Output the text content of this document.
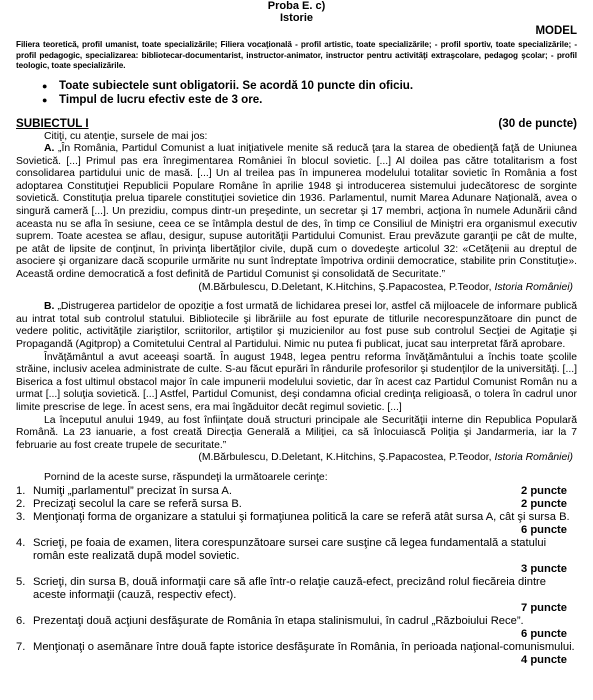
Proba E. c)
Istorie
MODEL
Filiera teoretică, profil umanist, toate specializările; Filiera vocaţională - profil artistic, toate specializările; - profil sportiv, toate specializările; - profil pedagogic, specializarea: bibliotecar-documentarist, instructor-animator, instructor pentru activităţi extraşcolare, pedagog şcolar; - profil teologic, toate specializările.
● Toate subiectele sunt obligatorii. Se acordă 10 puncte din oficiu.
● Timpul de lucru efectiv este de 3 ore.
SUBIECTUL I	(30 de puncte)
Citiţi, cu atenţie, sursele de mai jos:
A. „În România, Partidul Comunist a luat iniţiativele menite să reducă ţara la starea de obedienţă faţă de Uniunea Sovietică. [...] Primul pas era înregimentarea României în blocul sovietic. [...] Al doilea pas către totalitarism a fost consolidarea partidului unic de masă. [...] Un al treilea pas în impunerea modelului totalitar sovietic în România a fost adoptarea Constituţiei Republicii Populare Române în aprilie 1948 şi introducerea sistemului judecătoresc de sorginte sovietică. Constituţia prelua tiparele constituţiei sovietice din 1936. Parlamentul, numit Marea Adunare Naţională, avea o singură cameră [...]. Un prezidiu, compus dintr-un preşedinte, un secretar şi 17 membri, acţiona în numele Adunării când aceasta nu se afla în sesiune, ceea ce se întâmpla destul de des, în timp ce Consiliul de Miniştri era organismul executiv suprem. Toate acestea se aflau, desigur, supuse autorităţii Partidului Comunist. Erau prevăzute garanţii pe cât de multe, pe atât de lipsite de conţinut, în privinţa libertăţilor civile, după cum o dovedeşte articolul 32: «Cetăţenii au dreptul de asociere şi organizare dacă scopurile urmărite nu sunt îndreptate împotriva ordinii democratice, stabilite prin Constituţie». Această ordine democratică a fost definită de Partidul Comunist şi consolidată de Securitate.”
(M.Bărbulescu, D.Deletant, K.Hitchins, Ş.Papacostea, P.Teodor, Istoria României)
B. „Distrugerea partidelor de opoziţie a fost urmată de lichidarea presei lor, astfel că mijloacele de informare publică au intrat total sub controlul statului. Bibliotecile şi librăriile au fost epurate de titlurile necorespunzătoare din punct de vedere politic, activităţile ziariştilor, scriitorilor, artiştilor şi muzicienilor au fost puse sub controlul Secţiei de Agitaţie şi Propagandă (Agitprop) a Comitetului Central al Partidului. Nimic nu putea fi publicat, jucat sau interpretat fără aprobare.
Învăţământul a avut aceeaşi soartă. În august 1948, legea pentru reforma învăţământului a închis toate şcolile străine, inclusiv acelea administrate de culte. S-au făcut epurări în rândurile profesorilor şi studenţilor de la universităţi. [...] Biserica a fost ultimul obstacol major în cale impunerii modelului sovietic, dar în acest caz Partidul Comunist Român nu a urmat [...] soluţia sovietică. [...] Astfel, Partidul Comunist, deşi condamna oficial credinţa religioasă, o tolera în cadrul unor limite prescrise de lege. În acest sens, era mai îngăduitor decât regimul sovietic. [...]
La începutul anului 1949, au fost înfiinţate două structuri principale ale Securităţii interne din Republica Populară Română. La 23 ianuarie, a fost creată Direcţia Generală a Miliţiei, ca să înlocuiască Poliţia şi Jandarmeria, iar la 7 februarie au fost create trupele de securitate.”
(M.Bărbulescu, D.Deletant, K.Hitchins, Ş.Papacostea, P.Teodor, Istoria României)
Pornind de la aceste surse, răspundeţi la următoarele cerinţe:
1. Numiţi „parlamentul” precizat în sursa A.	2 puncte
2. Precizaţi secolul la care se referă sursa B.	2 puncte
3. Menţionaţi forma de organizare a statului şi formaţiunea politică la care se referă atât sursa A, cât şi sursa B.
6 puncte
4. Scrieţi, pe foaia de examen, litera corespunzătoare sursei care susţine că legea fundamentală a statului român este realizată după model sovietic.
3 puncte
5. Scrieţi, din sursa B, două informaţii care să afle într-o relaţie cauză-efect, precizând rolul fiecăreia dintre aceste informaţii (cauză, respectiv efect).
7 puncte
6. Prezentaţi două acţiuni desfăşurate de România în etapa stalinismului, în cadrul „Războiului Rece”.
6 puncte
7. Menţionaţi o asemănare între două fapte istorice desfăşurate în România, în perioada naţional-comunismului.
4 puncte
